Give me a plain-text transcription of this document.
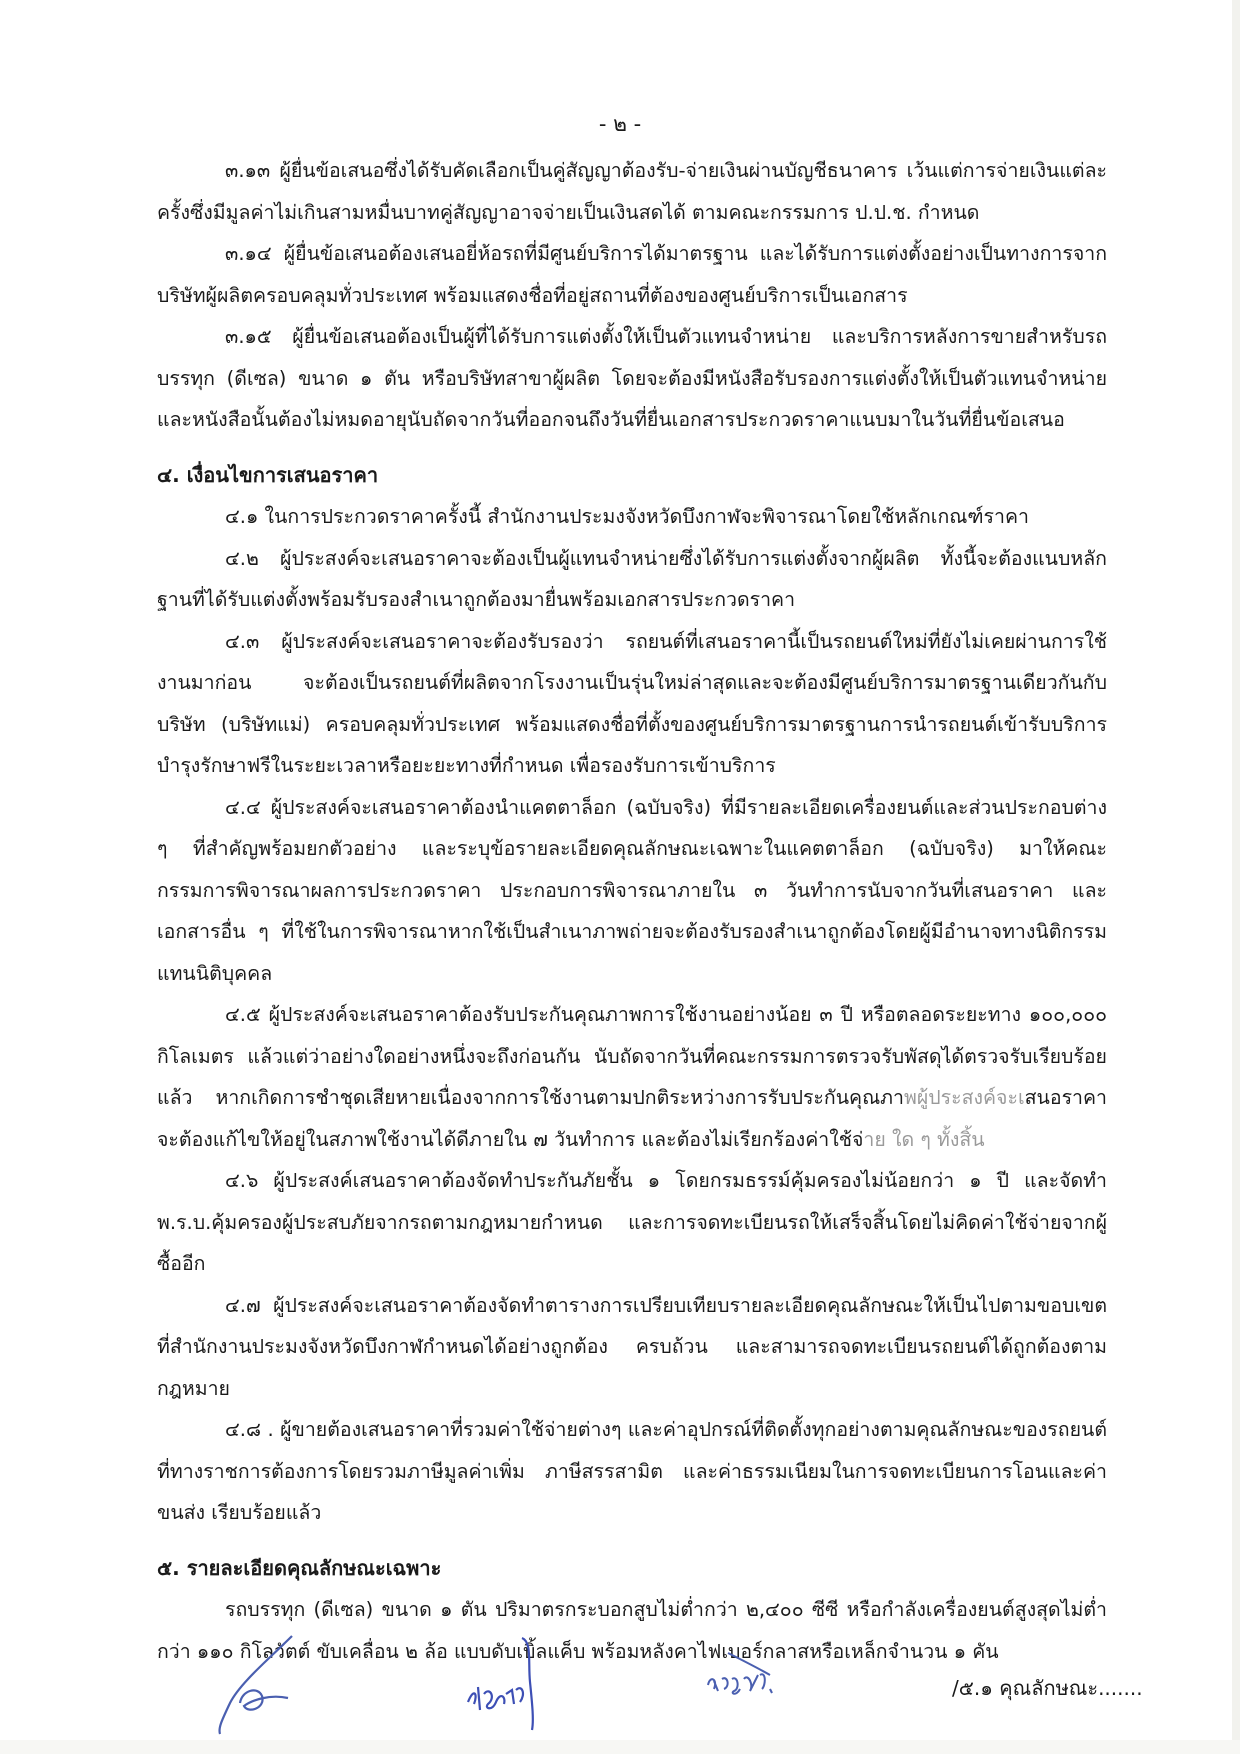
- ๒ -

๓.๑๓ ผู้ยื่นข้อเสนอซึ่งได้รับคัดเลือกเป็นคู่สัญญาต้องรับ-จ่ายเงินผ่านบัญชีธนาคาร เว้นแต่การจ่ายเงินแต่ละครั้งซึ่งมีมูลค่าไม่เกินสามหมื่นบาทคู่สัญญาอาจจ่ายเป็นเงินสดได้ ตามคณะกรรมการ ป.ป.ช. กำหนด

๓.๑๔ ผู้ยื่นข้อเสนอต้องเสนอยี่ห้อรถที่มีศูนย์บริการได้มาตรฐาน และได้รับการแต่งตั้งอย่างเป็นทางการจากบริษัทผู้ผลิตครอบคลุมทั่วประเทศ พร้อมแสดงชื่อที่อยู่สถานที่ต้องของศูนย์บริการเป็นเอกสาร

๓.๑๕ ผู้ยื่นข้อเสนอต้องเป็นผู้ที่ได้รับการแต่งตั้งให้เป็นตัวแทนจำหน่าย และบริการหลังการขายสำหรับรถบรรทุก (ดีเซล) ขนาด ๑ ตัน หรือบริษัทสาขาผู้ผลิต โดยจะต้องมีหนังสือรับรองการแต่งตั้งให้เป็นตัวแทนจำหน่าย และหนังสือนั้นต้องไม่หมดอายุนับถัดจากวันที่ออกจนถึงวันที่ยื่นเอกสารประกวดราคาแนบมาในวันที่ยื่นข้อเสนอ

๔. เงื่อนไขการเสนอราคา

๔.๑ ในการประกวดราคาครั้งนี้ สำนักงานประมงจังหวัดบึงกาฬจะพิจารณาโดยใช้หลักเกณฑ์ราคา

๔.๒ ผู้ประสงค์จะเสนอราคาจะต้องเป็นผู้แทนจำหน่ายซึ่งได้รับการแต่งตั้งจากผู้ผลิต ทั้งนี้จะต้องแนบหลักฐานที่ได้รับแต่งตั้งพร้อมรับรองสำเนาถูกต้องมายื่นพร้อมเอกสารประกวดราคา

๔.๓ ผู้ประสงค์จะเสนอราคาจะต้องรับรองว่า รถยนต์ที่เสนอราคานี้เป็นรถยนต์ใหม่ที่ยังไม่เคยผ่านการใช้งานมาก่อน จะต้องเป็นรถยนต์ที่ผลิตจากโรงงานเป็นรุ่นใหม่ล่าสุดและจะต้องมีศูนย์บริการมาตรฐานเดียวกันกับบริษัท (บริษัทแม่) ครอบคลุมทั่วประเทศ พร้อมแสดงชื่อที่ตั้งของศูนย์บริการมาตรฐานการนำรถยนต์เข้ารับบริการบำรุงรักษาฟรีในระยะเวลาหรือยะยะทางที่กำหนด เพื่อรองรับการเข้าบริการ

๔.๔ ผู้ประสงค์จะเสนอราคาต้องนำแคตตาล็อก (ฉบับจริง) ที่มีรายละเอียดเครื่องยนต์และส่วนประกอบต่าง ๆ ที่สำคัญพร้อมยกตัวอย่าง และระบุข้อรายละเอียดคุณลักษณะเฉพาะในแคตตาล็อก (ฉบับจริง) มาให้คณะกรรมการพิจารณาผลการประกวดราคา ประกอบการพิจารณาภายใน ๓ วันทำการนับจากวันที่เสนอราคา และเอกสารอื่น ๆ ที่ใช้ในการพิจารณาหากใช้เป็นสำเนาภาพถ่ายจะต้องรับรองสำเนาถูกต้องโดยผู้มีอำนาจทางนิติกรรมแทนนิติบุคคล

๔.๕ ผู้ประสงค์จะเสนอราคาต้องรับประกันคุณภาพการใช้งานอย่างน้อย ๓ ปี หรือตลอดระยะทาง ๑๐๐,๐๐๐ กิโลเมตร แล้วแต่ว่าอย่างใดอย่างหนึ่งจะถึงก่อนกัน นับถัดจากวันที่คณะกรรมการตรวจรับพัสดุได้ตรวจรับเรียบร้อยแล้ว หากเกิดการชำชุดเสียหายเนื่องจากการใช้งานตามปกติระหว่างการรับประกันคุณภาพผู้ประสงค์จะเสนอราคาจะต้องแก้ไขให้อยู่ในสภาพใช้งานได้ดีภายใน ๗ วันทำการ และต้องไม่เรียกร้องค่าใช้จ่าย ใด ๆ ทั้งสิ้น

๔.๖ ผู้ประสงค์เสนอราคาต้องจัดทำประกันภัยชั้น ๑ โดยกรมธรรม์คุ้มครองไม่น้อยกว่า ๑ ปี และจัดทำ พ.ร.บ.คุ้มครองผู้ประสบภัยจากรถตามกฎหมายกำหนด และการจดทะเบียนรถให้เสร็จสิ้นโดยไม่คิดค่าใช้จ่ายจากผู้ซื้ออีก

๔.๗ ผู้ประสงค์จะเสนอราคาต้องจัดทำตารางการเปรียบเทียบรายละเอียดคุณลักษณะให้เป็นไปตามขอบเขตที่สำนักงานประมงจังหวัดบึงกาฬกำหนดได้อย่างถูกต้อง ครบถ้วน และสามารถจดทะเบียนรถยนต์ได้ถูกต้องตามกฎหมาย

๔.๘ . ผู้ขายต้องเสนอราคาที่รวมค่าใช้จ่ายต่างๆ และค่าอุปกรณ์ที่ติดตั้งทุกอย่างตามคุณลักษณะของรถยนต์ที่ทางราชการต้องการโดยรวมภาษีมูลค่าเพิ่ม ภาษีสรรสามิต และค่าธรรมเนียมในการจดทะเบียนการโอนและค่าขนส่ง เรียบร้อยแล้ว

๕. รายละเอียดคุณลักษณะเฉพาะ

รถบรรทุก (ดีเซล) ขนาด ๑ ตัน ปริมาตรกระบอกสูบไม่ต่ำกว่า ๒,๔๐๐ ซีซี หรือกำลังเครื่องยนต์สูงสุดไม่ต่ำกว่า ๑๑๐ กิโลวัตต์ ขับเคลื่อน ๒ ล้อ แบบดับเบิ้ลแค็บ พร้อมหลังคาไฟเบอร์กลาสหรือเหล็กจำนวน ๑ คัน

/๕.๑ คุณลักษณะ.......
